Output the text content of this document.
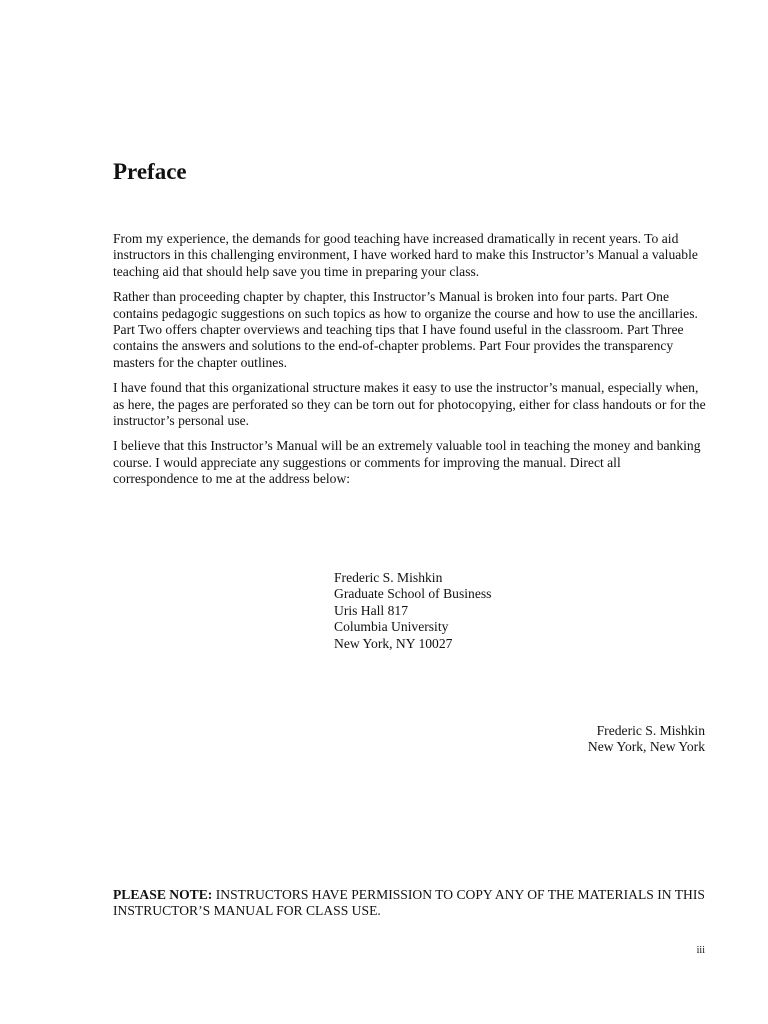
Preface

From my experience, the demands for good teaching have increased dramatically in recent years. To aid instructors in this challenging environment, I have worked hard to make this Instructor’s Manual a valuable teaching aid that should help save you time in preparing your class.

Rather than proceeding chapter by chapter, this Instructor’s Manual is broken into four parts. Part One contains pedagogic suggestions on such topics as how to organize the course and how to use the ancillaries. Part Two offers chapter overviews and teaching tips that I have found useful in the classroom. Part Three contains the answers and solutions to the end-of-chapter problems. Part Four provides the transparency masters for the chapter outlines.

I have found that this organizational structure makes it easy to use the instructor’s manual, especially when, as here, the pages are perforated so they can be torn out for photocopying, either for class handouts or for the instructor’s personal use.

I believe that this Instructor’s Manual will be an extremely valuable tool in teaching the money and banking course. I would appreciate any suggestions or comments for improving the manual. Direct all correspondence to me at the address below:

Frederic S. Mishkin
Graduate School of Business
Uris Hall 817
Columbia University
New York, NY 10027
Frederic S. Mishkin
New York, New York

PLEASE NOTE: INSTRUCTORS HAVE PERMISSION TO COPY ANY OF THE MATERIALS IN THIS INSTRUCTOR’S MANUAL FOR CLASS USE.

iii
